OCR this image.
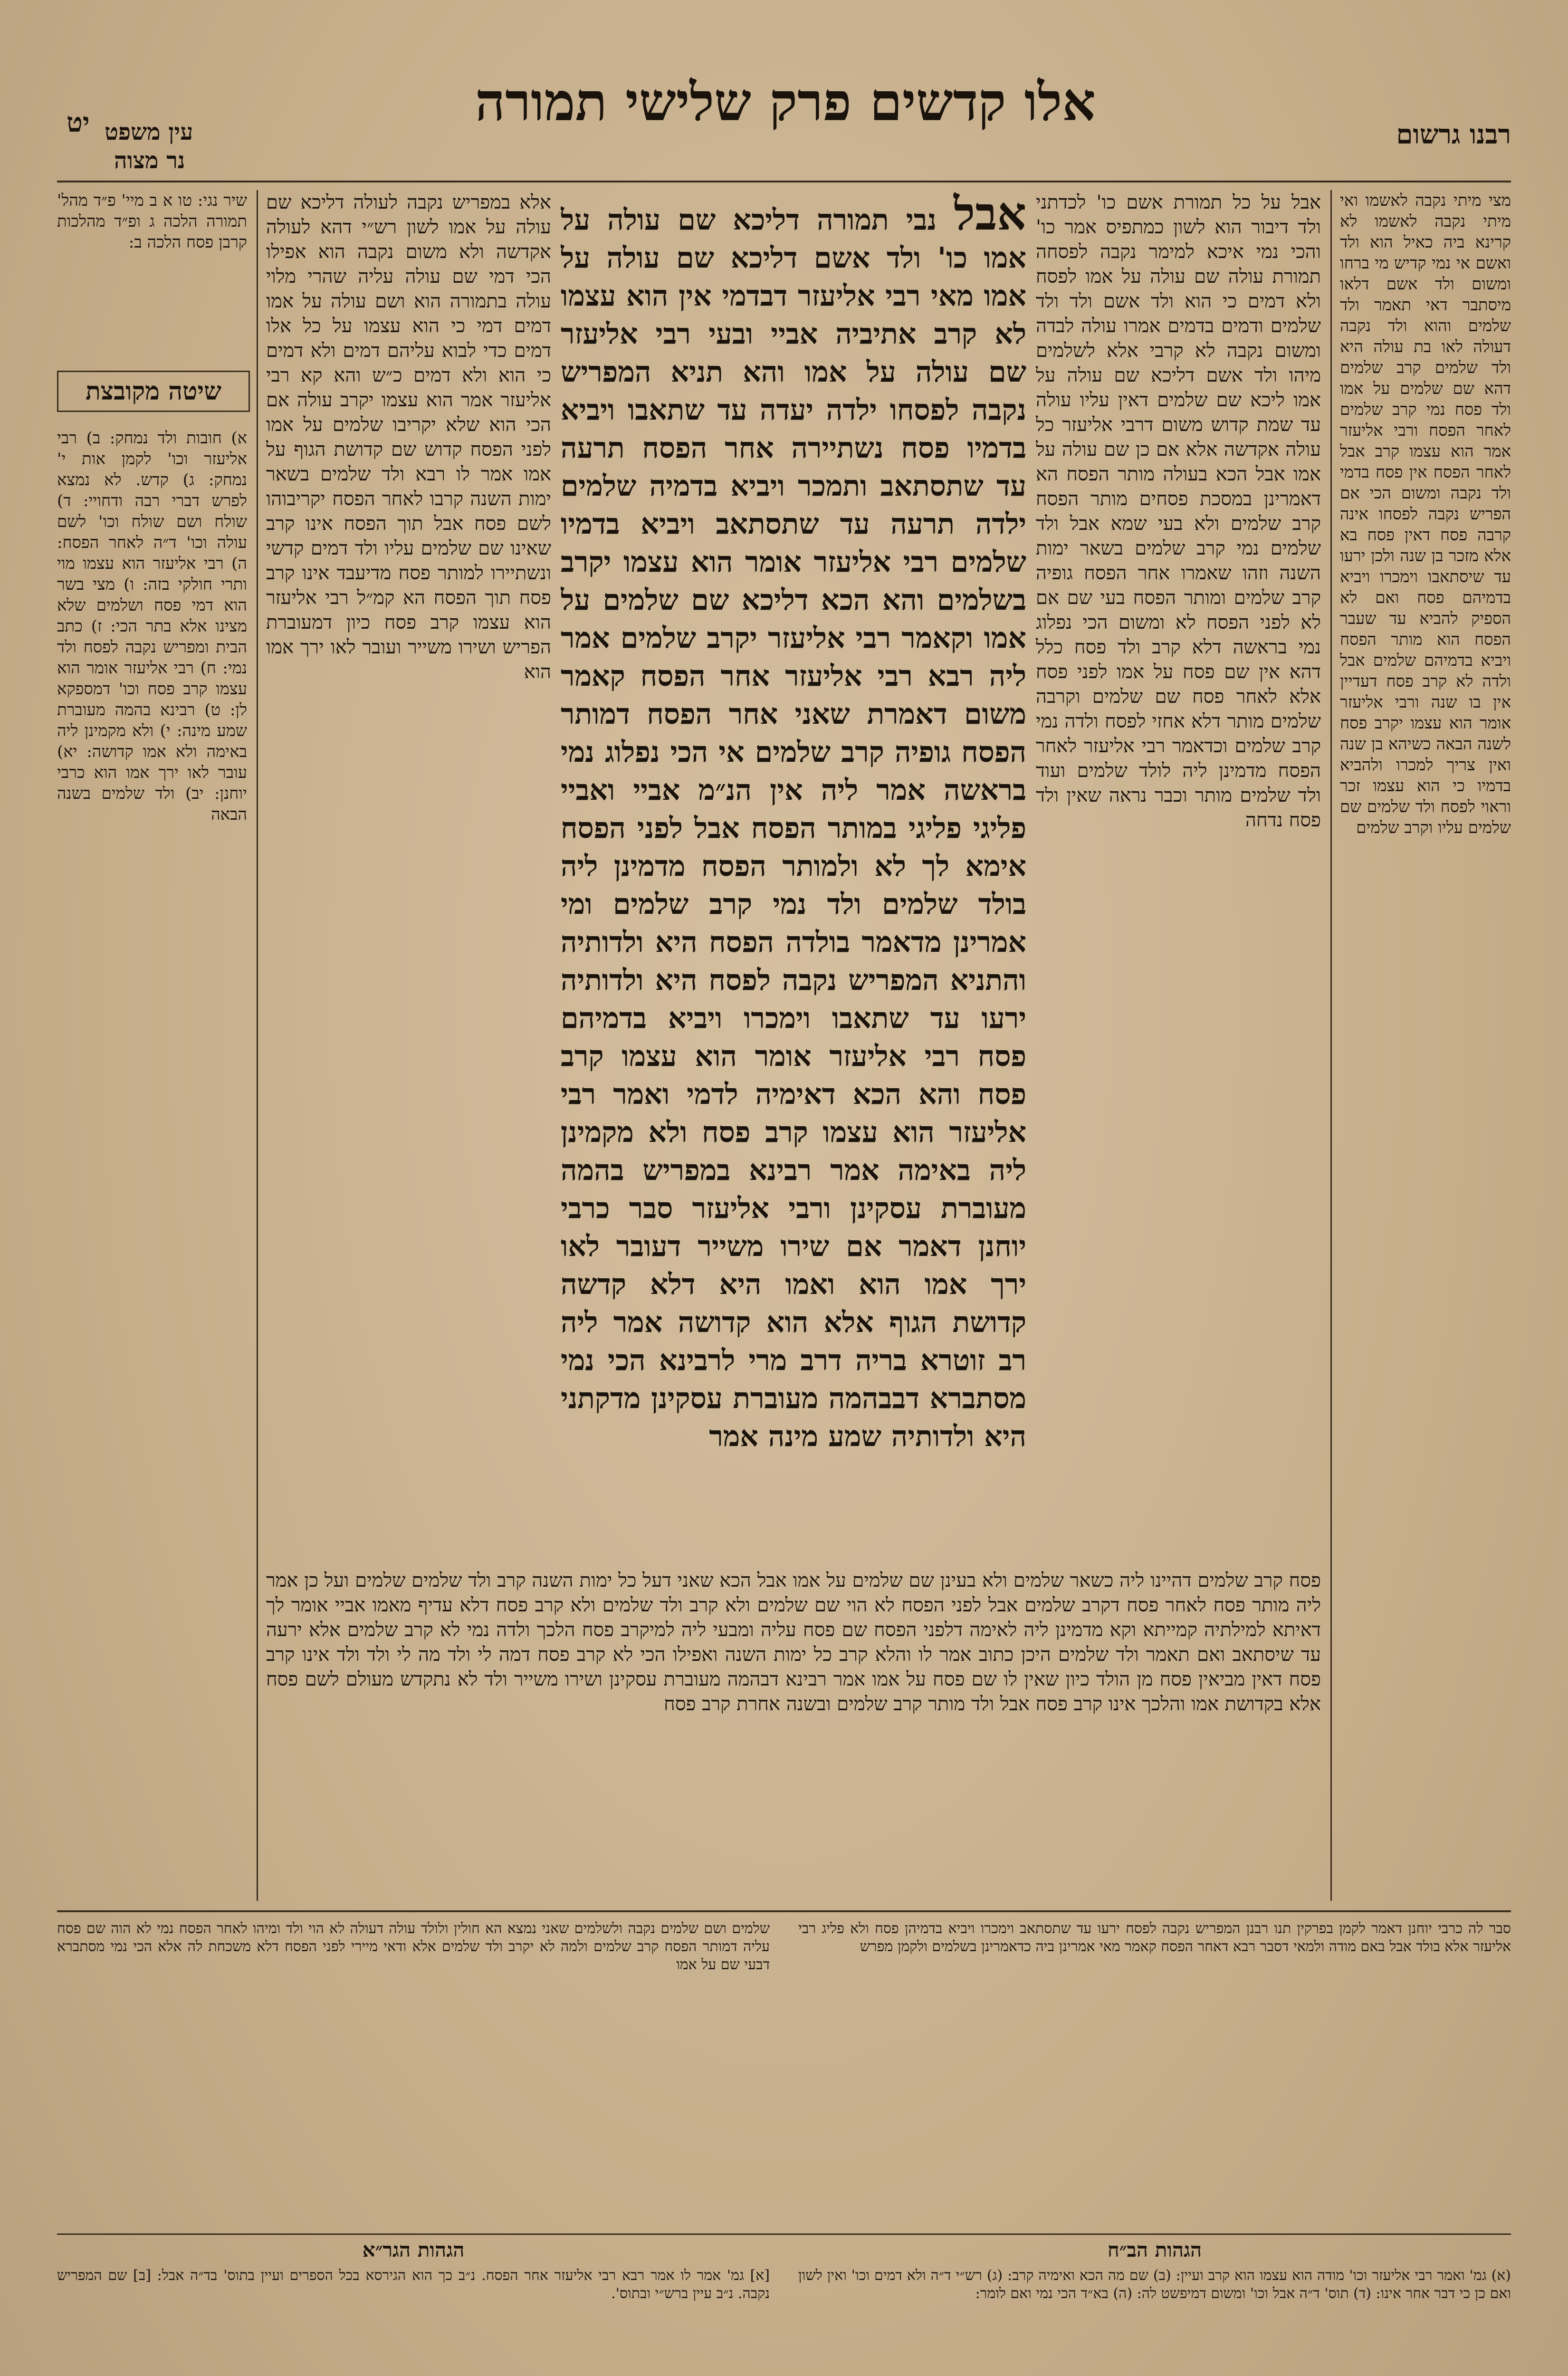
יט	אלו קדשים פרק שלישי תמורה
רבנו גרשום
עין משפט
נר מצוה
מצי מיתי נקבה לאשמו ואי מיתי נקבה לאשמו לא קרינא ביה כאיל הוא ולד ואשם אי נמי קדיש מי ברחו ומשום ולד אשם דלאו מיסתבר דאי תאמר ולד שלמים והוא ולד נקבה דעולה לאו בת עולה היא ולד שלמים קרב שלמים דהא שם שלמים על אמו ולד פסח נמי קרב שלמים לאחר הפסח ורבי אליעזר אמר הוא עצמו קרב אבל לאחר הפסח אין פסח בדמי ולד נקבה ומשום הכי אם הפריש נקבה לפסחו אינה קרבה פסח דאין פסח בא אלא מזכר בן שנה ולכן ירעו עד שיסתאבו וימכרו ויביא בדמיהם פסח ואם לא הספיק להביא עד שעבר הפסח הוא מותר הפסח ויביא בדמיהם שלמים אבל ולדה לא קרב פסח דעדיין אין בו שנה ורבי אליעזר אומר הוא עצמו יקרב פסח לשנה הבאה כשיהא בן שנה ואין צריך למכרו ולהביא בדמיו כי הוא עצמו זכר וראוי לפסח ולד שלמים שם שלמים עליו וקרב שלמים
שיר נגי: טו א ב מיי' פ״ד מהל' תמורה הלכה ג ופ״ד מהלכות קרבן פסח הלכה ב:
שיטה מקובצת
א) חובות ולד נמחק: ב) רבי אליעזר וכו' לקמן אות י' נמחק: ג) קדש. לא נמצא לפרש דברי רבה ודחויי: ד) שולח ושם שולח וכו' לשם עולה וכו' ד״ה לאחר הפסח: ה) רבי אליעזר הוא עצמו מוי ותרי חולקי בזה: ו) מצי בשר הוא דמי פסח ושלמים שלא מצינו אלא בתר הכי: ז) כתב הבית ומפריש נקבה לפסח ולד נמי: ח) רבי אליעזר אומר הוא עצמו קרב פסח וכו' דמספקא לן: ט) רבינא בהמה מעוברת שמע מינה: י) ולא מקמינן ליה באימה ולא אמו קדושה: יא) עובר לאו ירך אמו הוא כרבי יוחנן: יב) ולד שלמים בשנה הבאה
אבל על כל תמורת אשם כו' לכדתני ולד דיבור הוא לשון כמתפיס אמר כו' והכי נמי איכא למימר נקבה לפסחה תמורת עולה שם עולה על אמו לפסח ולא דמים כי הוא ולד אשם ולד ולד שלמים ודמים בדמים אמרו עולה לבדה ומשום נקבה לא קרבי אלא לשלמים מיהו ולד אשם דליכא שם עולה על אמו ליכא שם שלמים דאין עליו עולה עד שמת קדוש משום דרבי אליעזר כל עולה אקדשה אלא אם כן שם עולה על אמו אבל הכא בעולה מותר הפסח הא דאמרינן במסכת פסחים מותר הפסח קרב שלמים ולא בעי שמא אבל ולד שלמים נמי קרב שלמים בשאר ימות השנה וזהו שאמרו אחר הפסח גופיה קרב שלמים ומותר הפסח בעי שם אם לא לפני הפסח לא ומשום הכי נפלוג נמי בראשה דלא קרב ולד פסח כלל דהא אין שם פסח על אמו לפני פסח אלא לאחר פסח שם שלמים וקרבה שלמים מותר דלא אחזי לפסח ולדה נמי קרב שלמים וכדאמר רבי אליעזר לאחר הפסח מדמינן ליה לולד שלמים ועוד ולד שלמים מותר וכבר נראה שאין ולד פסח נדחה
אלא במפריש נקבה לעולה דליכא שם עולה על אמו לשון רש״י דהא לעולה אקדשה ולא משום נקבה הוא אפילו הכי דמי שם עולה עליה שהרי מלוי עולה בתמורה הוא ושם עולה על אמו דמים דמי כי הוא עצמו על כל אלו דמים כדי לבוא עליהם דמים ולא דמים כי הוא ולא דמים כ״ש והא קא רבי אליעזר אמר הוא עצמו יקרב עולה אם הכי הוא שלא יקריבו שלמים על אמו לפני הפסח קדוש שם קדושת הגוף על אמו אמר לו רבא ולד שלמים בשאר ימות השנה קרבו לאחר הפסח יקריבוהו לשם פסח אבל תוך הפסח אינו קרב שאינו שם שלמים עליו ולד דמים קדשי ונשתיירו למותר פסח מדיעבד אינו קרב פסח תוך הפסח הא קמ״ל רבי אליעזר הוא עצמו קרב פסח כיון דמעוברת הפריש ושירו משייר ועובר לאו ירך אמו הוא
אבל נבי תמורה דליכא שם עולה על אמו כו' ולד אשם דליכא שם עולה על אמו מאי רבי אליעזר דבדמי אין הוא עצמו לא קרב אתיביה אביי ובעי רבי אליעזר שם עולה על אמו והא תניא המפריש נקבה לפסחו ילדה יעדה עד שתאבו ויביא בדמיו פסח נשתיירה אחר הפסח תרעה עד שתסתאב ותמכר ויביא בדמיה שלמים ילדה תרעה עד שתסתאב ויביא בדמיו שלמים רבי אליעזר אומר הוא עצמו יקרב בשלמים והא הכא דליכא שם שלמים על אמו וקאמר רבי אליעזר יקרב שלמים אמר ליה רבא רבי אליעזר אחר הפסח קאמר משום דאמרת שאני אחר הפסח דמותר הפסח גופיה קרב שלמים אי הכי נפלוג נמי בראשה אמר ליה אין הנ״מ אביי ואביי פליגי פליגי במותר הפסח אבל לפני הפסח אימא לך לא ולמותר הפסח מדמינן ליה בולד שלמים ולד נמי קרב שלמים ומי אמרינן מדאמר בולדה הפסח היא ולדותיה והתניא המפריש נקבה לפסח היא ולדותיה ירעו עד שתאבו וימכרו ויביא בדמיהם פסח רבי אליעזר אומר הוא עצמו קרב פסח והא הכא דאימיה לדמי ואמר רבי אליעזר הוא עצמו קרב פסח ולא מקמינן ליה באימה אמר רבינא במפריש בהמה מעוברת עסקינן ורבי אליעזר סבר כרבי יוחנן דאמר אם שירו משייר דעובר לאו ירך אמו הוא ואמו היא דלא קדשה קדושת הגוף אלא הוא קדושה אמר ליה רב זוטרא בריה דרב מרי לרבינא הכי נמי מסתברא דבבהמה מעוברת עסקינן מדקתני היא ולדותיה שמע מינה אמר
פסח קרב שלמים דהיינו ליה כשאר שלמים ולא בעינן שם שלמים על אמו אבל הכא שאני דעל כל ימות השנה קרב ולד שלמים שלמים ועל כן אמר ליה מותר פסח לאחר פסח דקרב שלמים אבל לפני הפסח לא הוי שם שלמים ולא קרב ולד שלמים ולא קרב פסח דלא עדיף מאמו אביי אומר לך דאיתא למילתיה קמייתא וקא מדמינן ליה לאימה דלפני הפסח שם פסח עליה ומבעי ליה למיקרב פסח הלכך ולדה נמי לא קרב שלמים אלא ירעה עד שיסתאב ואם תאמר ולד שלמים היכן כתוב אמר לו והלא קרב כל ימות השנה ואפילו הכי לא קרב פסח דמה לי ולד מה לי ולד ולד אינו קרב פסח דאין מביאין פסח מן הולד כיון שאין לו שם פסח על אמו אמר רבינא דבהמה מעוברת עסקינן ושירו משייר ולד לא נתקדש מעולם לשם פסח אלא בקדושת אמו והלכך אינו קרב פסח אבל ולד מותר קרב שלמים ובשנה אחרת קרב פסח
שלמים ושם שלמים נקבה ולשלמים שאני נמצא הא חולין ולולד עולה דעולה לא הוי ולד ומיהו לאחר הפסח נמי לא הוה שם פסח עליה דמותר הפסח קרב שלמים ולמה לא יקרב ולד שלמים אלא ודאי מיירי לפני הפסח דלא משכחת לה אלא הכי נמי מסתברא דבעי שם על אמו
סבר לה כרבי יוחנן דאמר לקמן בפרקין תנו רבנן המפריש נקבה לפסח ירעו עד שתסתאב וימכרו ויביא בדמיהן פסח ולא פליג רבי אליעזר אלא בולד אבל באם מודה ולמאי דסבר רבא דאחר הפסח קאמר מאי אמרינן ביה כדאמרינן בשלמים ולקמן מפרש
הגהות הב״ח
(א) גמ' ואמר רבי אליעזר וכו' מודה הוא עצמו הוא קרב ועיין: (ב) שם מה הכא ואימיה קרב: (ג) רש״י ד״ה ולא דמים וכו' ואין לשון ואם כן כי דבר אחר אינו: (ד) תוס' ד״ה אבל וכו' ומשום דמיפשט לה: (ה) בא״ד הכי נמי ואם לומר:
הגהות הגר״א
[א] גמ' אמר לו אמר רבא רבי אליעזר אחר הפסח. נ״ב כך הוא הגירסא בכל הספרים ועיין בתוס' בד״ה אבל: [ב] שם המפריש נקבה. נ״ב עיין ברש״י ובתוס'.
